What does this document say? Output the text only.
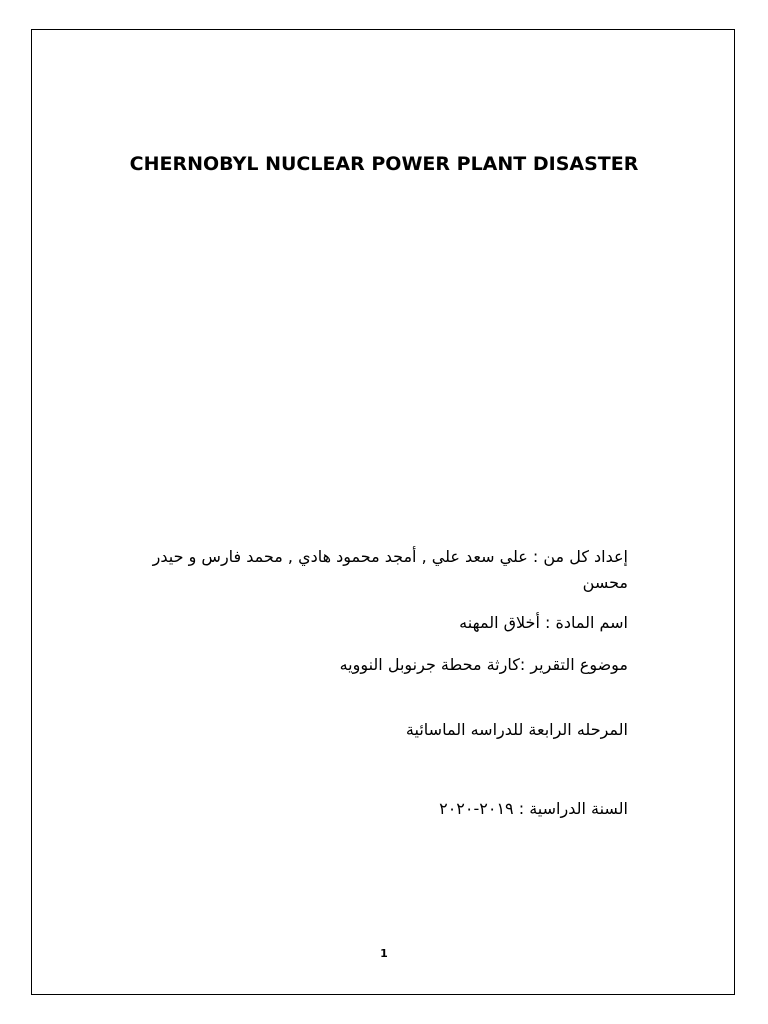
CHERNOBYL NUCLEAR POWER PLANT DISASTER
إعداد كل من : علي سعد علي , أمجد محمود هادي , محمد فارس و حيدر محسن
اسم المادة : أخلاق المهنه
موضوع التقرير :كارثة محطة جرنوبل النوويه
المرحله الرابعة للدراسه الماسائية
السنة الدراسية : ٢٠١٩-٢٠٢٠
1
